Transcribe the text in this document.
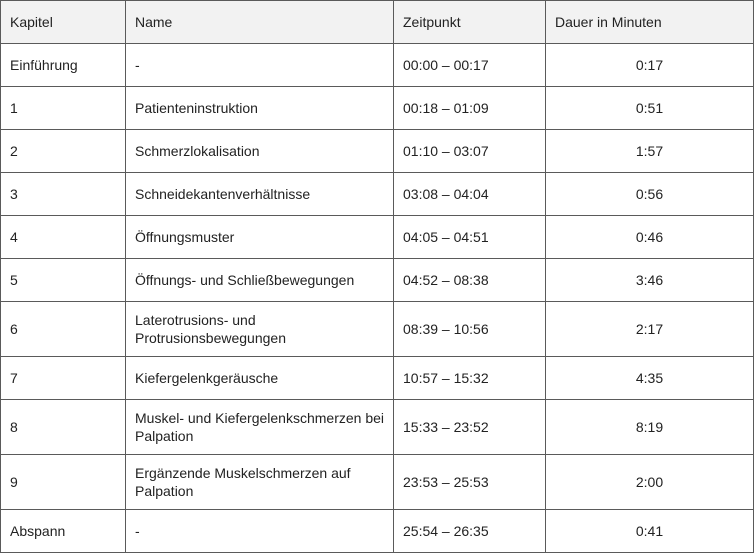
Kapitel	Name	Zeitpunkt	Dauer in Minuten
Einführung	-	00:00 – 00:17	0:17
1	Patienteninstruktion	00:18 – 01:09	0:51
2	Schmerzlokalisation	01:10 – 03:07	1:57
3	Schneidekantenverhältnisse	03:08 – 04:04	0:56
4	Öffnungsmuster	04:05 – 04:51	0:46
5	Öffnungs- und Schließbewegungen	04:52 – 08:38	3:46
6	Laterotrusions- und Protrusionsbewegungen	08:39 – 10:56	2:17
7	Kiefergelenkgeräusche	10:57 – 15:32	4:35
8	Muskel- und Kiefergelenkschmerzen bei Palpation	15:33 – 23:52	8:19
9	Ergänzende Muskelschmerzen auf Palpation	23:53 – 25:53	2:00
Abspann	-	25:54 – 26:35	0:41
